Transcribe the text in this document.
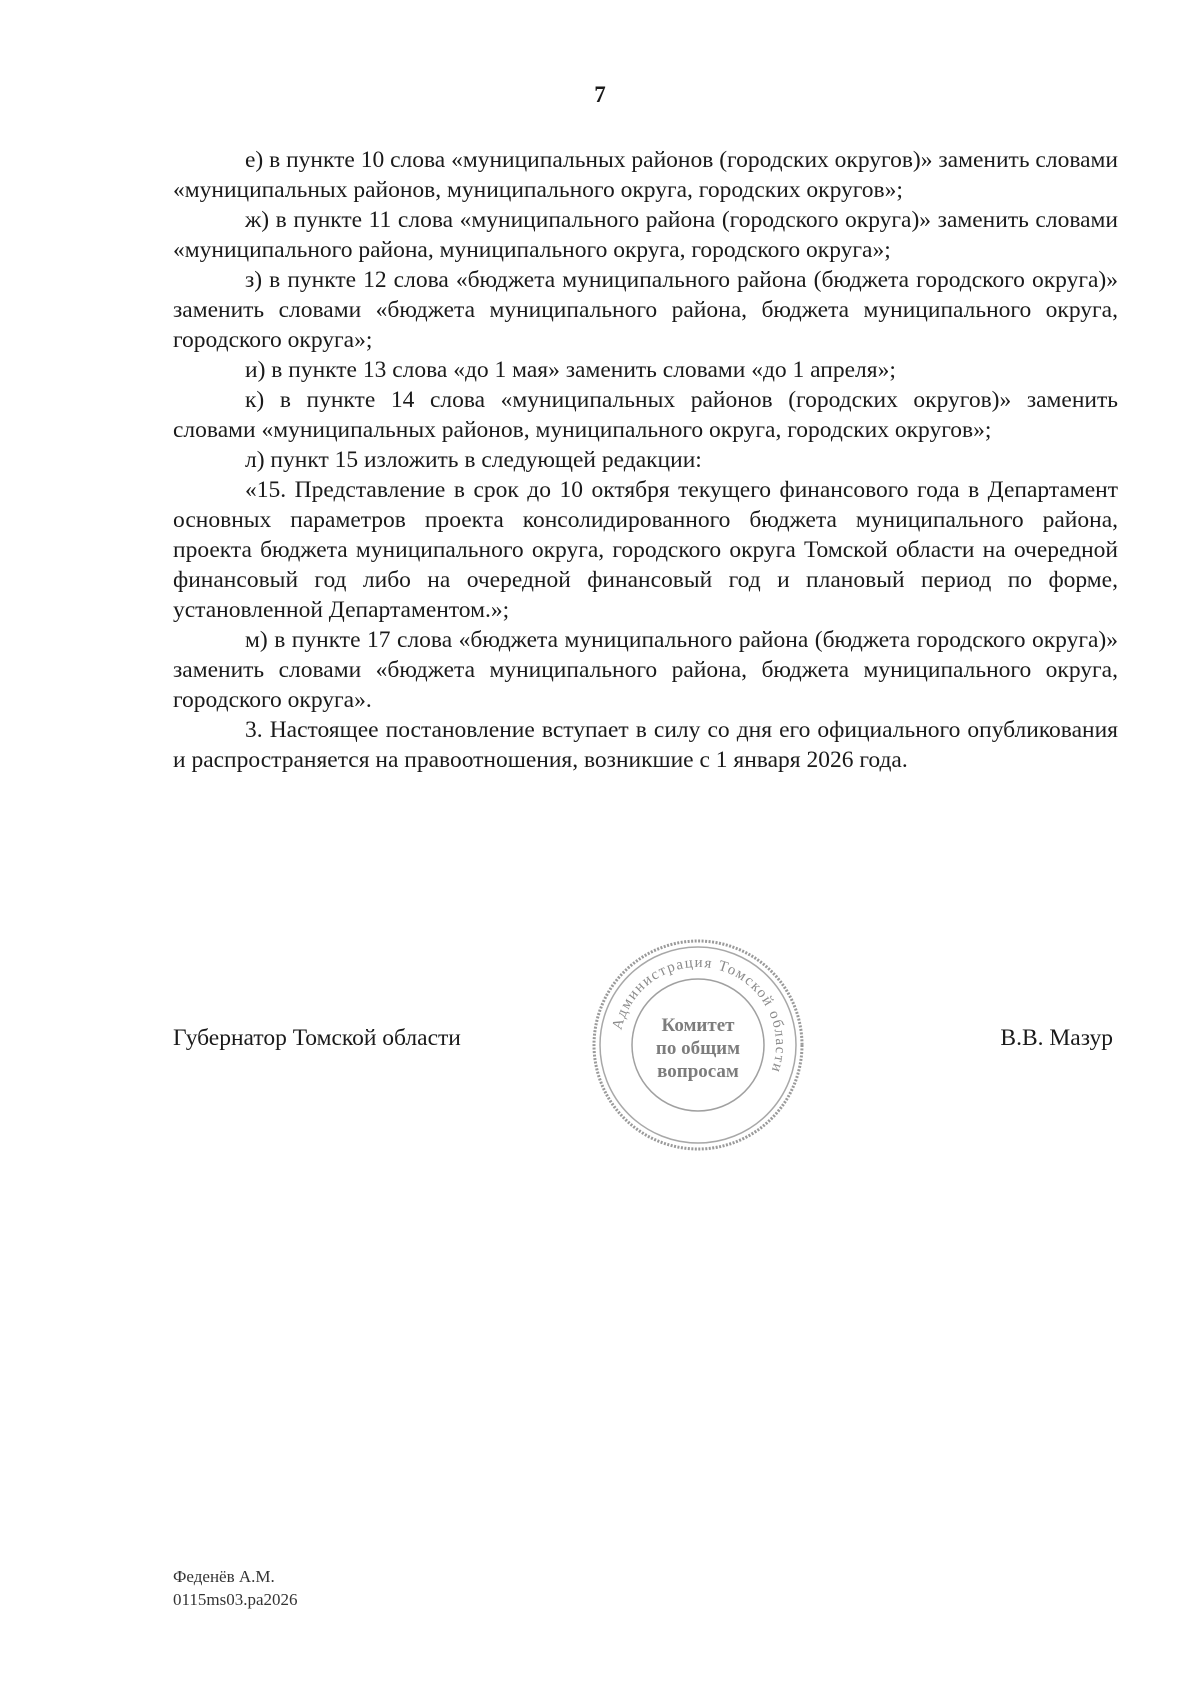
7

е) в пункте 10 слова «муниципальных районов (городских округов)» заменить словами «муниципальных районов, муниципального округа, городских округов»;

ж) в пункте 11 слова «муниципального района (городского округа)» заменить словами «муниципального района, муниципального округа, городского округа»;

з) в пункте 12 слова «бюджета муниципального района (бюджета городского округа)» заменить словами «бюджета муниципального района, бюджета муниципального округа, городского округа»;

и) в пункте 13 слова «до 1 мая» заменить словами «до 1 апреля»;

к) в пункте 14 слова «муниципальных районов (городских округов)» заменить словами «муниципальных районов, муниципального округа, городских округов»;

л) пункт 15 изложить в следующей редакции:

«15. Представление в срок до 10 октября текущего финансового года в Департамент основных параметров проекта консолидированного бюджета муниципального района, проекта бюджета муниципального округа, городского округа Томской области на очередной финансовый год либо на очередной финансовый год и плановый период по форме, установленной Департаментом.»;

м) в пункте 17 слова «бюджета муниципального района (бюджета городского округа)» заменить словами «бюджета муниципального района, бюджета муниципального округа, городского округа».

3. Настоящее постановление вступает в силу со дня его официального опубликования и распространяется на правоотношения, возникшие с 1 января 2026 года.

Губернатор Томской области	В.В. Мазур
Администрация Томской области
Комитет
по общим
вопросам
Феденёв А.М.
0115ms03.pa2026
